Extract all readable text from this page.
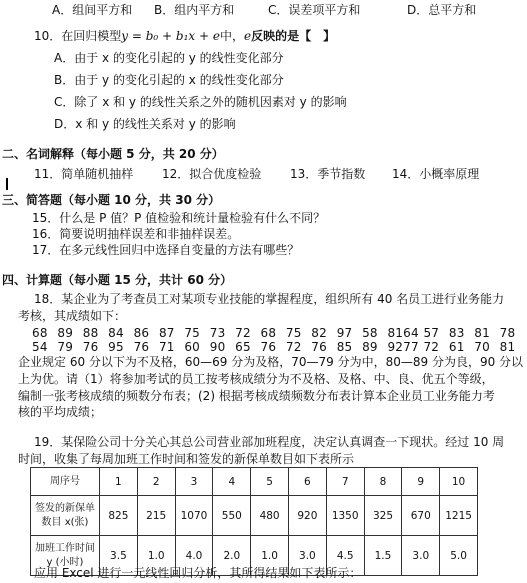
A．组间平方和 B．组内平方和	C．误差项平方和	D．总平方和
10．在回归模型y = b₀ + b₁x + e中，e反映的是【　】
A．由于 x 的变化引起的 y 的线性变化部分
B．由于 y 的变化引起的 x 的线性变化部分
C．除了 x 和 y 的线性关系之外的随机因素对 y 的影响
D．x 和 y 的线性关系对 y 的影响
二、名词解释（每小题 5 分，共 20 分）
11．简单随机抽样 12．拟合优度检验 13．季节指数 14．小概率原理
三、简答题（每小题 10 分，共 30 分）
15．什么是 P 值？P 值检验和统计量检验有什么不同？
16．简要说明抽样误差和非抽样误差。
17．在多元线性回归中选择自变量的方法有哪些？
四、计算题（每小题 15 分，共计 60 分）
18．某企业为了考查员工对某项专业技能的掌握程度，组织所有 40 名员工进行业务能力
考核，其成绩如下：
68 89 88 84 86 87 75 73 72 68 75 82 97 58 8164 57 83 81 78
54 79 76 95 76 71 60 90 65 76 72 76 85 89 9277 72 61 70 81
企业规定 60 分以下为不及格，60—69 分为及格，70—79 分为中，80—89 分为良，90 分以
上为优。请（1）将参加考试的员工按考核成绩分为不及格、及格、中、良、优五个等级，
编制一张考核成绩的频数分布表；(2) 根据考核成绩频数分布表计算本企业员工业务能力考
核的平均成绩；
19．某保险公司十分关心其总公司营业部加班程度，决定认真调查一下现状。经过 10 周
时间，收集了每周加班工作时间和签发的新保单数目如下表所示
周序号	1	2	3	4	5	6	7	8	9	10
签发的新保单
数目 x(张)	825	215	1070	550	480	920	1350	325	670	1215
加班工作时间
y (小时)	3.5	1.0	4.0	2.0	1.0	3.0	4.5	1.5	3.0	5.0
应用 Excel 进行一元线性回归分析，其所得结果如下表所示：
